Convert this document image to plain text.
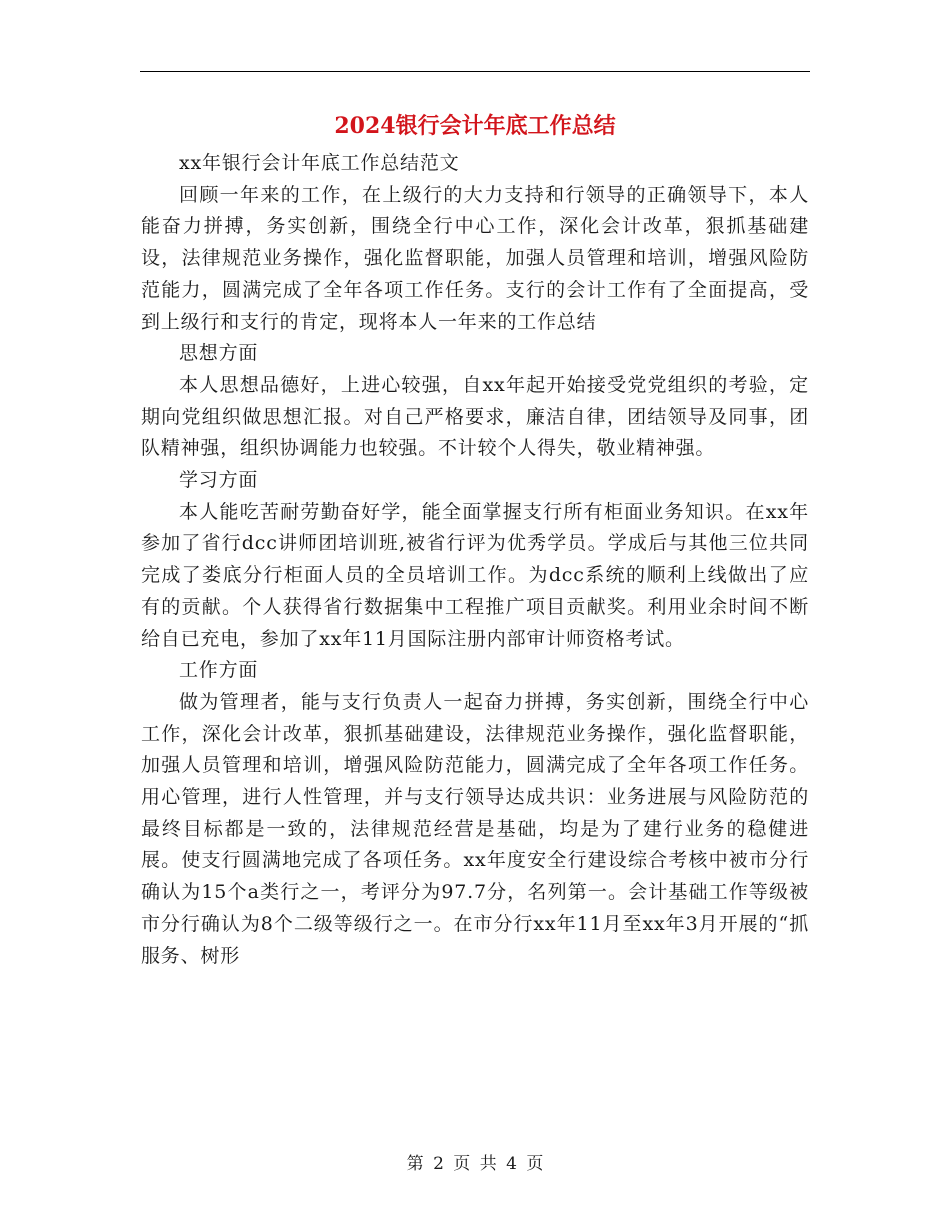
2024银行会计年底工作总结

xx年银行会计年底工作总结范文

回顾一年来的工作，在上级行的大力支持和行领导的正确领导下，本人能奋力拼搏，务实创新，围绕全行中心工作，深化会计改革，狠抓基础建设，法律规范业务操作，强化监督职能，加强人员管理和培训，增强风险防范能力，圆满完成了全年各项工作任务。支行的会计工作有了全面提高，受到上级行和支行的肯定，现将本人一年来的工作总结

思想方面

本人思想品德好，上进心较强，自xx年起开始接受党党组织的考验，定期向党组织做思想汇报。对自己严格要求，廉洁自律，团结领导及同事，团队精神强，组织协调能力也较强。不计较个人得失，敬业精神强。

学习方面

本人能吃苦耐劳勤奋好学，能全面掌握支行所有柜面业务知识。在xx年参加了省行dcc讲师团培训班,被省行评为优秀学员。学成后与其他三位共同完成了娄底分行柜面人员的全员培训工作。为dcc系统的顺利上线做出了应有的贡献。个人获得省行数据集中工程推广项目贡献奖。利用业余时间不断给自已充电，参加了xx年11月国际注册内部审计师资格考试。

工作方面

做为管理者，能与支行负责人一起奋力拼搏，务实创新，围绕全行中心工作，深化会计改革，狠抓基础建设，法律规范业务操作，强化监督职能，加强人员管理和培训，增强风险防范能力，圆满完成了全年各项工作任务。用心管理，进行人性管理，并与支行领导达成共识：业务进展与风险防范的最终目标都是一致的，法律规范经营是基础，均是为了建行业务的稳健进展。使支行圆满地完成了各项任务。xx年度安全行建设综合考核中被市分行确认为15个a类行之一，考评分为97.7分，名列第一。会计基础工作等级被市分行确认为8个二级等级行之一。在市分行xx年11月至xx年3月开展的“抓服务、树形

第 2 页 共 4 页
